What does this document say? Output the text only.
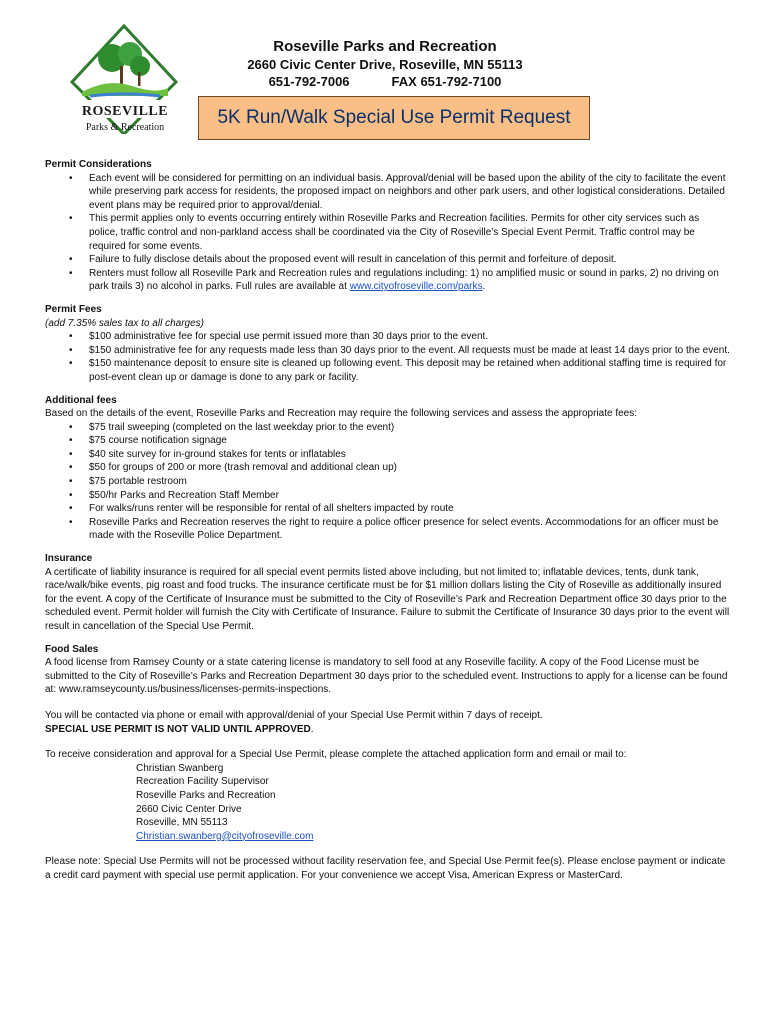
ROSEVILLE
Parks & Recreation
Roseville Parks and Recreation
2660 Civic Center Drive, Roseville, MN 55113
651-792-7006	FAX 651-792-7100
5K Run/Walk Special Use Permit Request
Permit Considerations
• Each event will be considered for permitting on an individual basis. Approval/denial will be based upon the ability of the city to facilitate the event while preserving park access for residents, the proposed impact on neighbors and other park users, and other logistical considerations. Detailed event plans may be required prior to approval/denial.
• This permit applies only to events occurring entirely within Roseville Parks and Recreation facilities. Permits for other city services such as police, traffic control and non-parkland access shall be coordinated via the City of Roseville’s Special Event Permit. Traffic control may be required for some events.
• Failure to fully disclose details about the proposed event will result in cancelation of this permit and forfeiture of deposit.
• Renters must follow all Roseville Park and Recreation rules and regulations including: 1) no amplified music or sound in parks, 2) no driving on park trails 3) no alcohol in parks. Full rules are available at www.cityofroseville.com/parks.
Permit Fees
(add 7.35% sales tax to all charges)
• $100 administrative fee for special use permit issued more than 30 days prior to the event.
• $150 administrative fee for any requests made less than 30 days prior to the event. All requests must be made at least 14 days prior to the event.
• $150 maintenance deposit to ensure site is cleaned up following event. This deposit may be retained when additional staffing time is required for post-event clean up or damage is done to any park or facility.
Additional fees

Based on the details of the event, Roseville Parks and Recreation may require the following services and assess the appropriate fees:

• $75 trail sweeping (completed on the last weekday prior to the event)
• $75 course notification signage
• $40 site survey for in-ground stakes for tents or inflatables
• $50 for groups of 200 or more (trash removal and additional clean up)
• $75 portable restroom
• $50/hr Parks and Recreation Staff Member
• For walks/runs renter will be responsible for rental of all shelters impacted by route
• Roseville Parks and Recreation reserves the right to require a police officer presence for select events. Accommodations for an officer must be made with the Roseville Police Department.
Insurance

A certificate of liability insurance is required for all special event permits listed above including, but not limited to; inflatable devices, tents, dunk tank, race/walk/bike events, pig roast and food trucks. The insurance certificate must be for $1 million dollars listing the City of Roseville as additionally insured for the event. A copy of the Certificate of Insurance must be submitted to the City of Roseville’s Park and Recreation Department office 30 days prior to the scheduled event. Permit holder will furnish the City with Certificate of Insurance. Failure to submit the Certificate of Insurance 30 days prior to the event will result in cancellation of the Special Use Permit.

Food Sales

A food license from Ramsey County or a state catering license is mandatory to sell food at any Roseville facility. A copy of the Food License must be submitted to the City of Roseville’s Parks and Recreation Department 30 days prior to the scheduled event. Instructions to apply for a license can be found at: www.ramseycounty.us/business/licenses-permits-inspections.

You will be contacted via phone or email with approval/denial of your Special Use Permit within 7 days of receipt.

SPECIAL USE PERMIT IS NOT VALID UNTIL APPROVED.

To receive consideration and approval for a Special Use Permit, please complete the attached application form and email or mail to:

Christian Swanberg
Recreation Facility Supervisor
Roseville Parks and Recreation
2660 Civic Center Drive
Roseville, MN 55113
Christian.swanberg@cityofroseville.com

Please note: Special Use Permits will not be processed without facility reservation fee, and Special Use Permit fee(s). Please enclose payment or indicate a credit card payment with special use permit application. For your convenience we accept Visa, American Express or MasterCard.
